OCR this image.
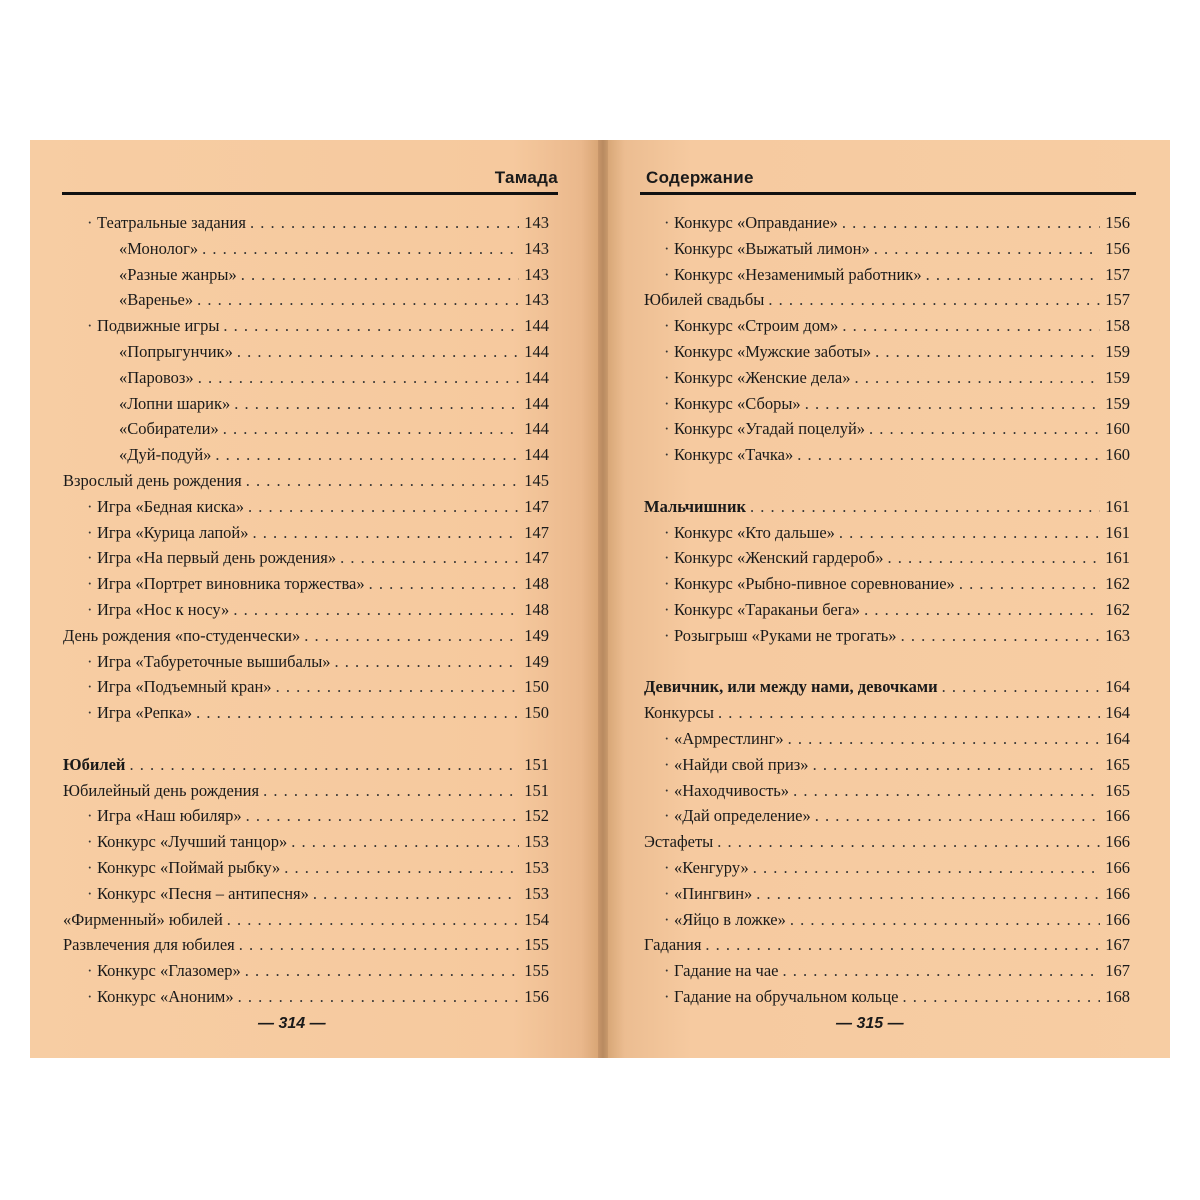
Тамада
· Театральные задания . . .	143
«Монолог» . . .	143
«Разные жанры» . . .	143
«Варенье» . . .	143
· Подвижные игры . . .	144
«Попрыгунчик» . . .	144
«Паровоз» . . .	144
«Лопни шарик» . . .	144
«Собиратели» . . .	144
«Дуй-подуй» . . .	144
Взрослый день рождения . . .	145
· Игра «Бедная киска» . . .	147
· Игра «Курица лапой» . . .	147
· Игра «На первый день рождения» . . .	147
· Игра «Портрет виновника торжества» . . .	148
· Игра «Нос к носу» . . .	148
День рождения «по-студенчески» . . .	149
· Игра «Табуреточные вышибалы» . . .	149
· Игра «Подъемный кран» . . .	150
· Игра «Репка» . . .	150
Юбилей . . .	151
Юбилейный день рождения . . .	151
· Игра «Наш юбиляр» . . .	152
· Конкурс «Лучший танцор» . . .	153
· Конкурс «Поймай рыбку» . . .	153
· Конкурс «Песня – антипесня» . . .	153
«Фирменный» юбилей . . .	154
Развлечения для юбилея . . .	155
· Конкурс «Глазомер» . . .	155
· Конкурс «Аноним» . . .	156
— 314 —
Содержание
· Конкурс «Оправдание» . . .	156
· Конкурс «Выжатый лимон» . . .	156
· Конкурс «Незаменимый работник» . . .	157
Юбилей свадьбы . . .	157
· Конкурс «Строим дом» . . .	158
· Конкурс «Мужские заботы» . . .	159
· Конкурс «Женские дела» . . .	159
· Конкурс «Сборы» . . .	159
· Конкурс «Угадай поцелуй» . . .	160
· Конкурс «Тачка» . . .	160
Мальчишник . . .	161
· Конкурс «Кто дальше» . . .	161
· Конкурс «Женский гардероб» . . .	161
· Конкурс «Рыбно-пивное соревнование» . . .	162
· Конкурс «Тараканьи бега» . . .	162
· Розыгрыш «Руками не трогать» . . .	163
Девичник, или между нами, девочками . . .	164
Конкурсы . . .	164
· «Армрестлинг» . . .	164
· «Найди свой приз» . . .	165
· «Находчивость» . . .	165
· «Дай определение» . . .	166
Эстафеты . . .	166
· «Кенгуру» . . .	166
· «Пингвин» . . .	166
· «Яйцо в ложке» . . .	166
Гадания . . .	167
· Гадание на чае . . .	167
· Гадание на обручальном кольце . . .	168
— 315 —
